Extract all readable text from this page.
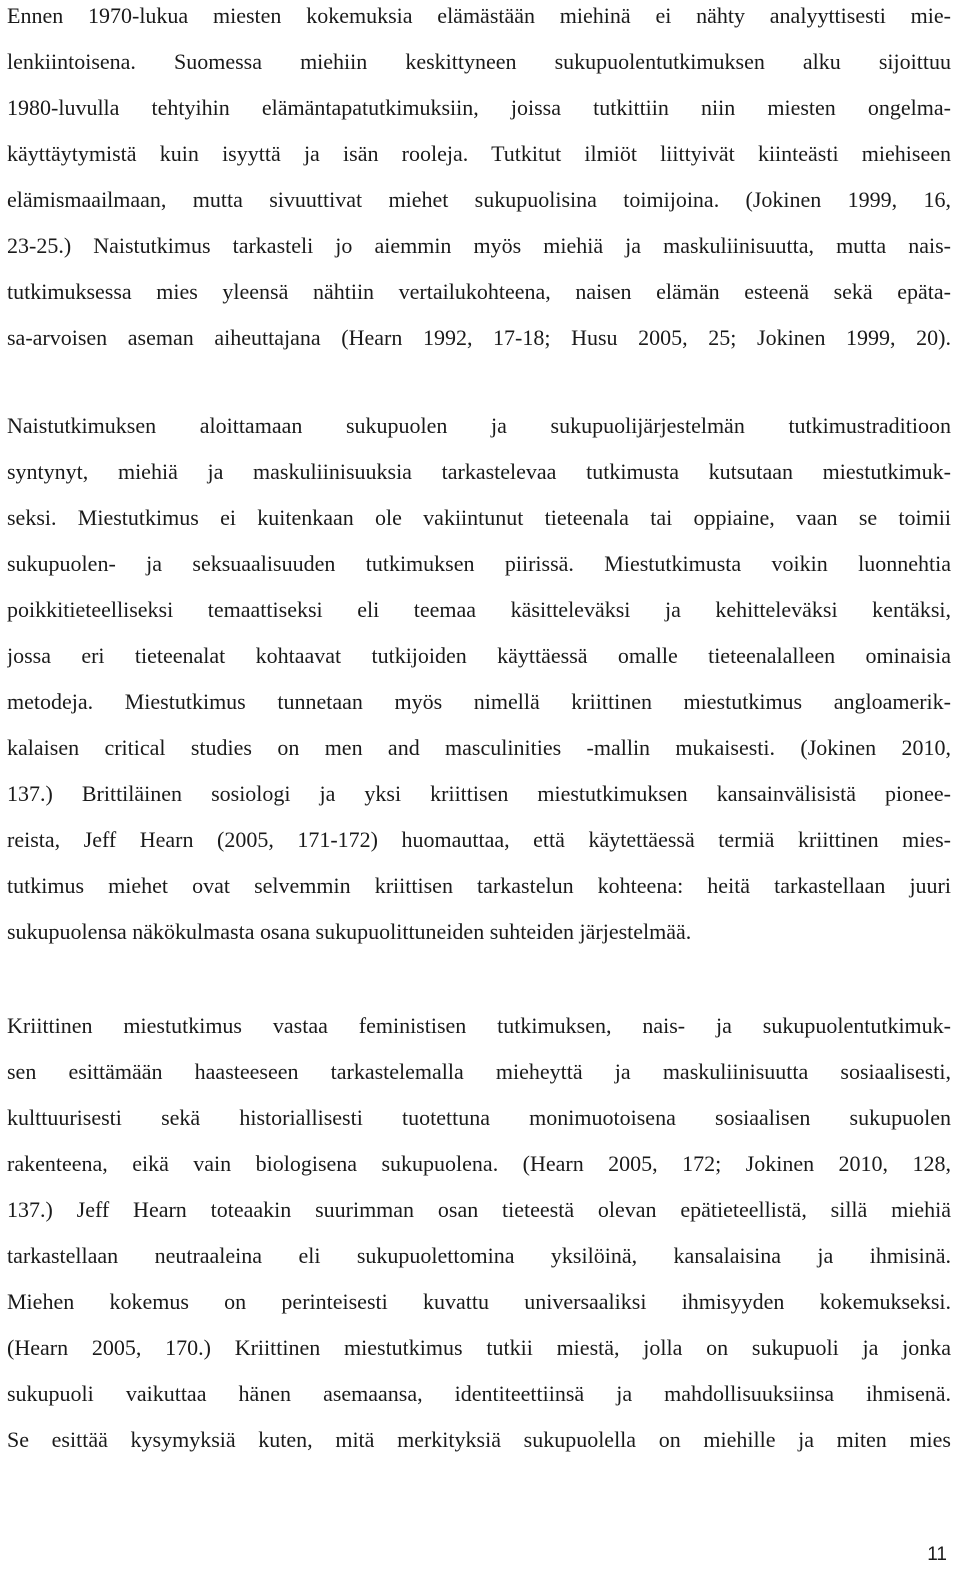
Ennen 1970-lukua miesten kokemuksia elämästään miehinä ei nähty analyyttisesti mie-
lenkiintoisena. Suomessa miehiin keskittyneen sukupuolentutkimuksen alku sijoittuu
1980-luvulla tehtyihin elämäntapatutkimuksiin, joissa tutkittiin niin miesten ongelma-
käyttäytymistä kuin isyyttä ja isän rooleja. Tutkitut ilmiöt liittyivät kiinteästi miehiseen
elämismaailmaan, mutta sivuuttivat miehet sukupuolisina toimijoina. (Jokinen 1999, 16,
23-25.) Naistutkimus tarkasteli jo aiemmin myös miehiä ja maskuliinisuutta, mutta nais-
tutkimuksessa mies yleensä nähtiin vertailukohteena, naisen elämän esteenä sekä epäta-
sa-arvoisen aseman aiheuttajana (Hearn 1992, 17-18; Husu 2005, 25; Jokinen 1999, 20).
Naistutkimuksen aloittamaan sukupuolen ja sukupuolijärjestelmän tutkimustraditioon
syntynyt, miehiä ja maskuliinisuuksia tarkastelevaa tutkimusta kutsutaan miestutkimuk-
seksi. Miestutkimus ei kuitenkaan ole vakiintunut tieteenala tai oppiaine, vaan se toimii
sukupuolen- ja seksuaalisuuden tutkimuksen piirissä. Miestutkimusta voikin luonnehtia
poikkitieteelliseksi temaattiseksi eli teemaa käsitteleväksi ja kehitteleväksi kentäksi,
jossa eri tieteenalat kohtaavat tutkijoiden käyttäessä omalle tieteenalalleen ominaisia
metodeja. Miestutkimus tunnetaan myös nimellä kriittinen miestutkimus angloamerik-
kalaisen critical studies on men and masculinities -mallin mukaisesti. (Jokinen 2010,
137.) Brittiläinen sosiologi ja yksi kriittisen miestutkimuksen kansainvälisistä pionee-
reista, Jeff Hearn (2005, 171-172) huomauttaa, että käytettäessä termiä kriittinen mies-
tutkimus miehet ovat selvemmin kriittisen tarkastelun kohteena: heitä tarkastellaan juuri
sukupuolensa näkökulmasta osana sukupuolittuneiden suhteiden järjestelmää.
Kriittinen miestutkimus vastaa feministisen tutkimuksen, nais- ja sukupuolentutkimuk-
sen esittämään haasteeseen tarkastelemalla mieheyttä ja maskuliinisuutta sosiaalisesti,
kulttuurisesti sekä historiallisesti tuotettuna monimuotoisena sosiaalisen sukupuolen
rakenteena, eikä vain biologisena sukupuolena. (Hearn 2005, 172; Jokinen 2010, 128,
137.) Jeff Hearn toteaakin suurimman osan tieteestä olevan epätieteellistä, sillä miehiä
tarkastellaan neutraaleina eli sukupuolettomina yksilöinä, kansalaisina ja ihmisinä.
Miehen kokemus on perinteisesti kuvattu universaaliksi ihmisyyden kokemukseksi.
(Hearn 2005, 170.) Kriittinen miestutkimus tutkii miestä, jolla on sukupuoli ja jonka
sukupuoli vaikuttaa hänen asemaansa, identiteettiinsä ja mahdollisuuksiinsa ihmisenä.
Se esittää kysymyksiä kuten, mitä merkityksiä sukupuolella on miehille ja miten mies
11
